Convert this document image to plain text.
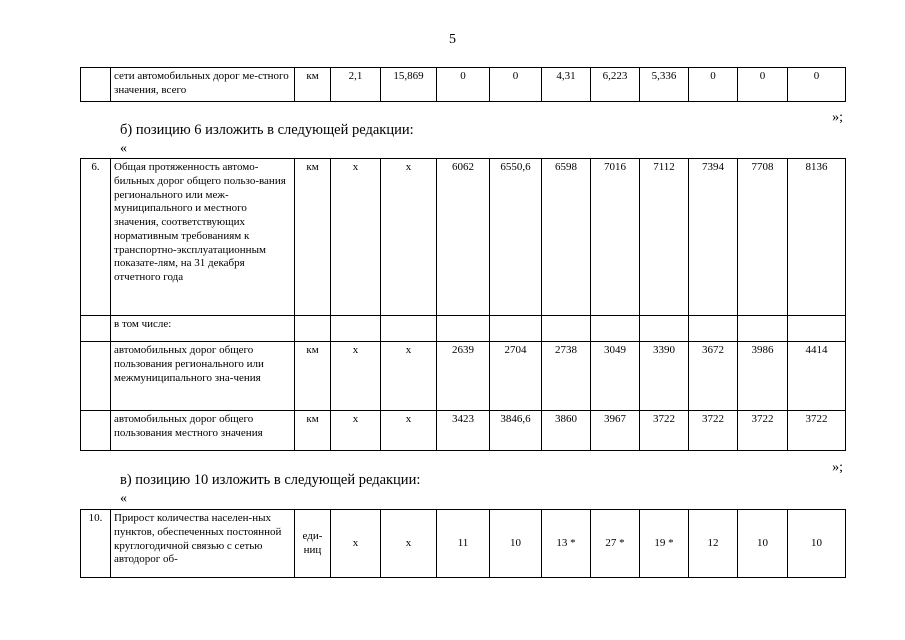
5
	сети автомобильных дорог ме-стного значения, всего	км	2,1	15,869	0	0	4,31	6,223	5,336	0	0	0
»;
б) позицию 6 изложить в следующей редакции:
«
6.	Общая протяженность автомо-бильных дорог общего пользо-вания регионального или меж-муниципального и местного значения, соответствующих нормативным требованиям к транспортно-эксплуатационным показате-лям, на 31 декабря отчетного года	км	x	x	6062	6550,6	6598	7016	7112	7394	7708	8136
	в том числе:											
	автомобильных дорог общего пользования регионального или межмуниципального зна-чения	км	x	x	2639	2704	2738	3049	3390	3672	3986	4414
	автомобильных дорог общего пользования местного значения	км	x	x	3423	3846,6	3860	3967	3722	3722	3722	3722
»;
в) позицию 10 изложить в следующей редакции:
«
10.	Прирост количества населен-ных пунктов, обеспеченных постоянной круглогодичной связью с сетью автодорог об-	еди-ниц	x	x	11	10	13 *	27 *	19 *	12	10	10
